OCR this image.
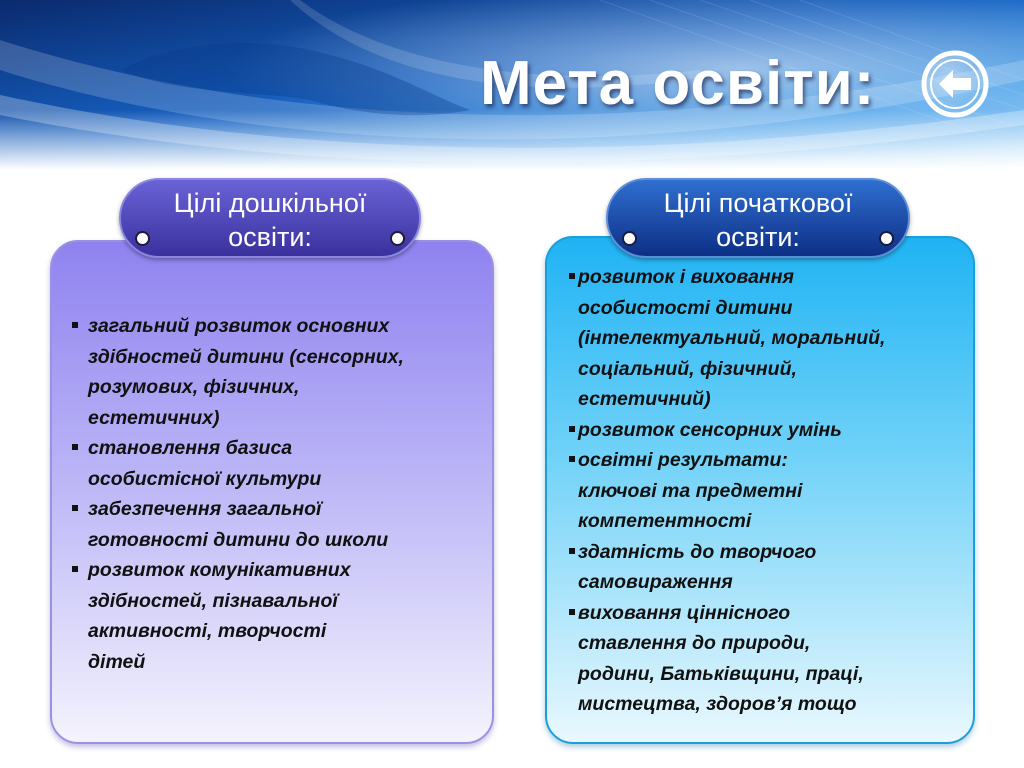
Мета освіти:
Цілі дошкільної
освіти:
загальний розвиток основних
здібностей дитини (сенсорних,
розумових, фізичних,
естетичних)
становлення базиса
особистісної культури
забезпечення загальної
готовності дитини до школи
розвиток комунікативних
здібностей, пізнавальної
активності, творчості
дітей
Цілі початкової
освіти:
розвиток і виховання
особистості дитини
(інтелектуальний, моральний,
соціальний, фізичний,
естетичний)
розвиток сенсорних умінь
освітні результати:
ключові та предметні
компетентності
здатність до творчого
самовираження
виховання ціннісного
ставлення до природи,
родини, Батьківщини, праці,
мистецтва, здоров’я тощо
